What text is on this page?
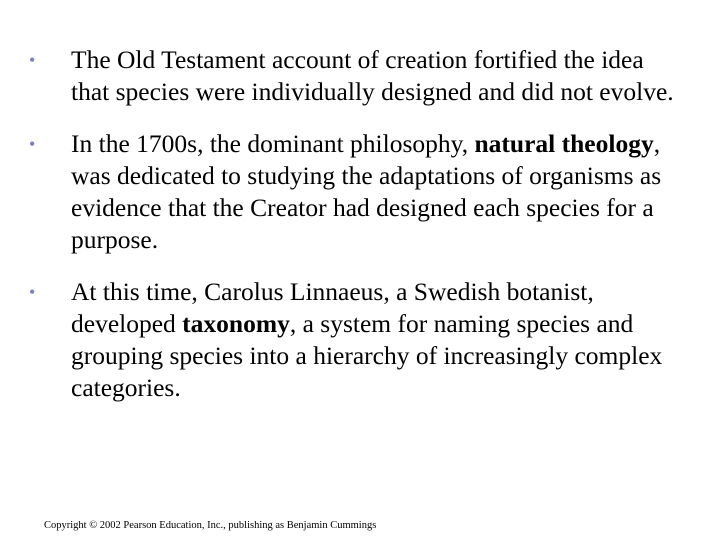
• The Old Testament account of creation fortified the idea that species were individually designed and did not evolve.
• In the 1700s, the dominant philosophy, natural theology, was dedicated to studying the adaptations of organisms as evidence that the Creator had designed each species for a purpose.
• At this time, Carolus Linnaeus, a Swedish botanist, developed taxonomy, a system for naming species and grouping species into a hierarchy of increasingly complex categories.
Copyright © 2002 Pearson Education, Inc., publishing as Benjamin Cummings
